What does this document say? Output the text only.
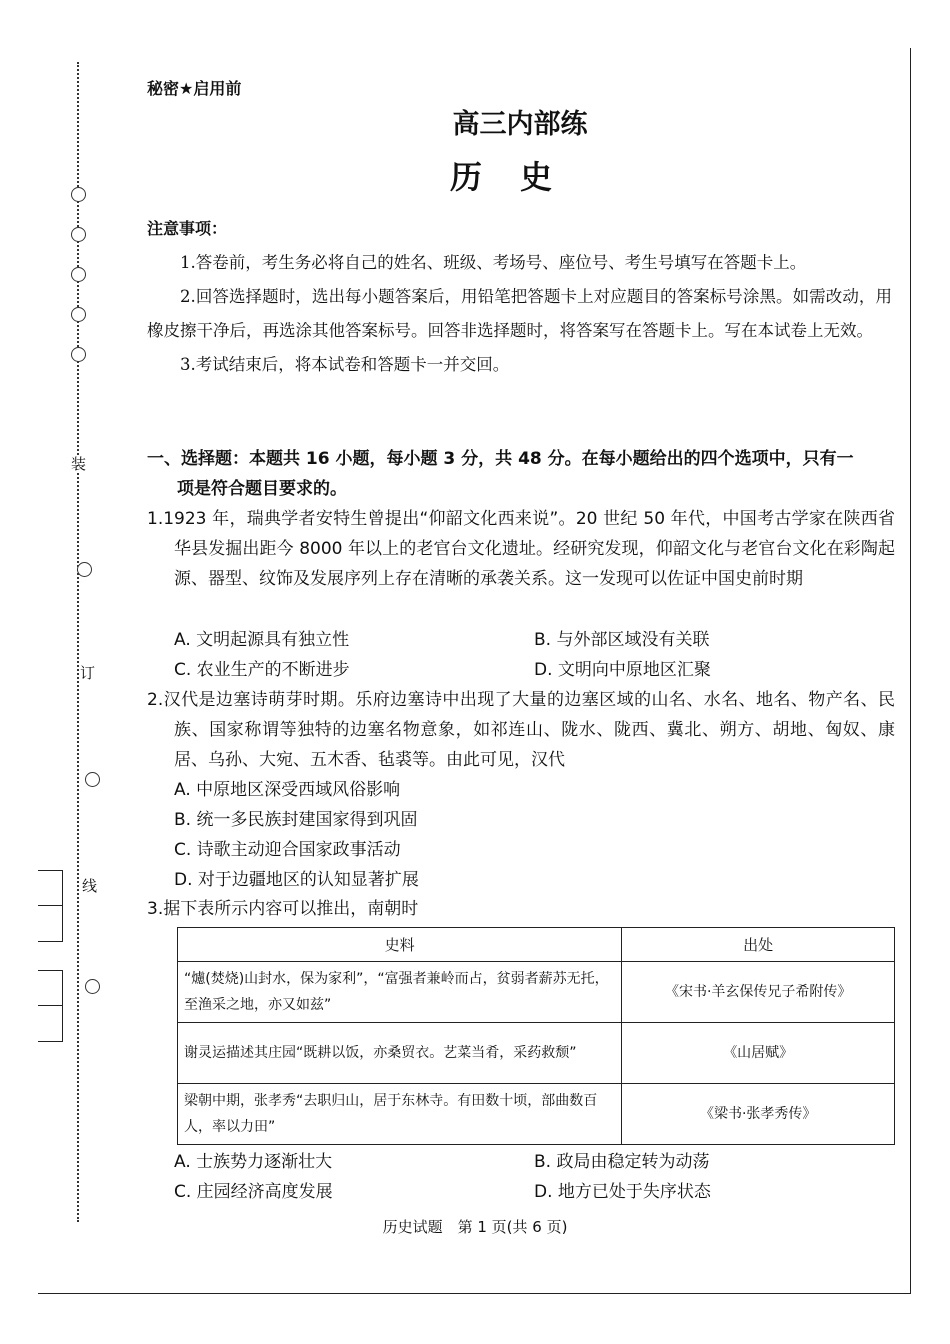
装
订
线
秘密★启用前
高三内部练
历史
注意事项：

1.答卷前，考生务必将自己的姓名、班级、考场号、座位号、考生号填写在答题卡上。

2.回答选择题时，选出每小题答案后，用铅笔把答题卡上对应题目的答案标号涂黑。如需改动，用橡皮擦干净后，再选涂其他答案标号。回答非选择题时，将答案写在答题卡上。写在本试卷上无效。

3.考试结束后，将本试卷和答题卡一并交回。

一、选择题：本题共 16 小题，每小题 3 分，共 48 分。在每小题给出的四个选项中，只有一
项是符合题目要求的。
1.1923 年，瑞典学者安特生曾提出“仰韶文化西来说”。20 世纪 50 年代，中国考古学家在陕西省华县发掘出距今 8000 年以上的老官台文化遗址。经研究发现，仰韶文化与老官台文化在彩陶起源、器型、纹饰及发展序列上存在清晰的承袭关系。这一发现可以佐证中国史前时期
A. 文明起源具有独立性	B. 与外部区域没有关联
C. 农业生产的不断进步	D. 文明向中原地区汇聚
2.汉代是边塞诗萌芽时期。乐府边塞诗中出现了大量的边塞区域的山名、水名、地名、物产名、民族、国家称谓等独特的边塞名物意象，如祁连山、陇水、陇西、冀北、朔方、胡地、匈奴、康居、乌孙、大宛、五木香、毡裘等。由此可见，汉代
A. 中原地区深受西域风俗影响
B. 统一多民族封建国家得到巩固
C. 诗歌主动迎合国家政事活动
D. 对于边疆地区的认知显著扩展
3.据下表所示内容可以推出，南朝时
史料	出处
“爈(焚烧)山封水，保为家利”，“富强者兼岭而占，贫弱者薪苏无托，至渔采之地，亦又如兹”	《宋书·羊玄保传兄子希附传》
谢灵运描述其庄园“既耕以饭，亦桑贸衣。艺菜当肴，采药救颓”	《山居赋》
梁朝中期，张孝秀“去职归山，居于东林寺。有田数十顷，部曲数百人，率以力田”	《梁书·张孝秀传》
A. 士族势力逐渐壮大	B. 政局由稳定转为动荡
C. 庄园经济高度发展	D. 地方已处于失序状态
历史试题　第 1 页(共 6 页)
